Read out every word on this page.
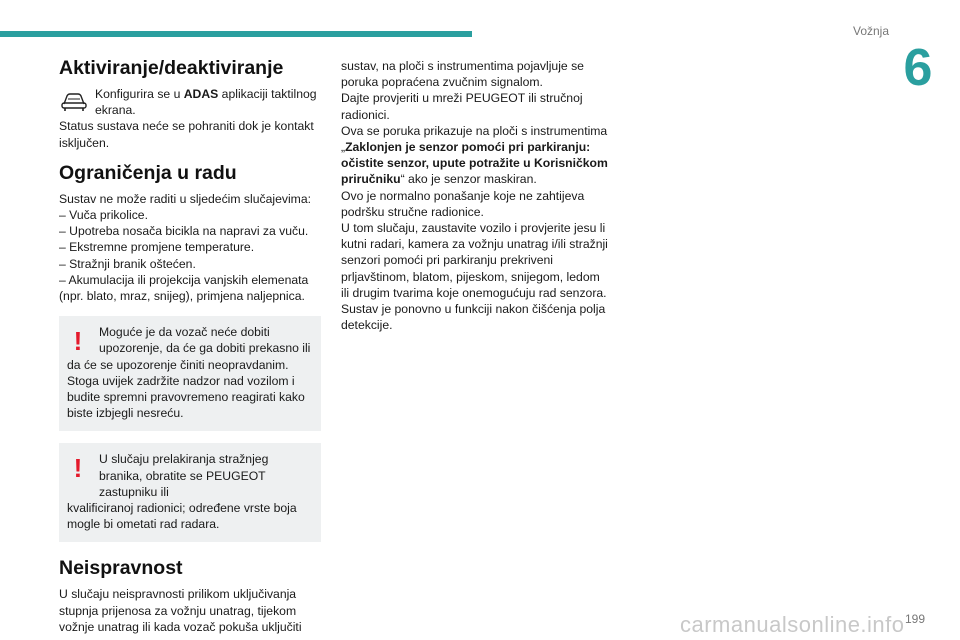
Vožnja
6
Aktiviranje/deaktiviranje

Konfigurira se u ADAS aplikaciji taktilnog ekrana.

Status sustava neće se pohraniti dok je kontakt isključen.

Ograničenja u radu

Sustav ne može raditi u sljedećim slučajevima:

– Vuča prikolice.

– Upotreba nosača bicikla na napravi za vuču.

– Ekstremne promjene temperature.

– Stražnji branik oštećen.

– Akumulacija ili projekcija vanjskih elemenata (npr. blato, mraz, snijeg), primjena naljepnica.

!	Moguće je da vozač neće dobiti upozorenje, da će ga dobiti prekasno ili

da će se upozorenje činiti neopravdanim. Stoga uvijek zadržite nadzor nad vozilom i budite spremni pravovremeno reagirati kako biste izbjegli nesreću.

!	U slučaju prelakiranja stražnjeg branika, obratite se PEUGEOT zastupniku ili

kvalificiranoj radionici; određene vrste boja mogle bi ometati rad radara.

Neispravnost

U slučaju neispravnosti prilikom uključivanja stupnja prijenosa za vožnju unatrag, tijekom vožnje unatrag ili kada vozač pokuša uključiti

sustav, na ploči s instrumentima pojavljuje se poruka popraćena zvučnim signalom.

Dajte provjeriti u mreži PEUGEOT ili stručnoj radionici.

Ova se poruka prikazuje na ploči s instrumentima „Zaklonjen je senzor pomoći pri parkiranju: očistite senzor, upute potražite u Korisničkom priručniku“ ako je senzor maskiran.

Ovo je normalno ponašanje koje ne zahtijeva podršku stručne radionice.

U tom slučaju, zaustavite vozilo i provjerite jesu li kutni radari, kamera za vožnju unatrag i/ili stražnji senzori pomoći pri parkiranju prekriveni prljavštinom, blatom, pijeskom, snijegom, ledom ili drugim tvarima koje onemogućuju rad senzora.

Sustav je ponovno u funkciji nakon čišćenja polja detekcije.

carmanualsonline.info 199
